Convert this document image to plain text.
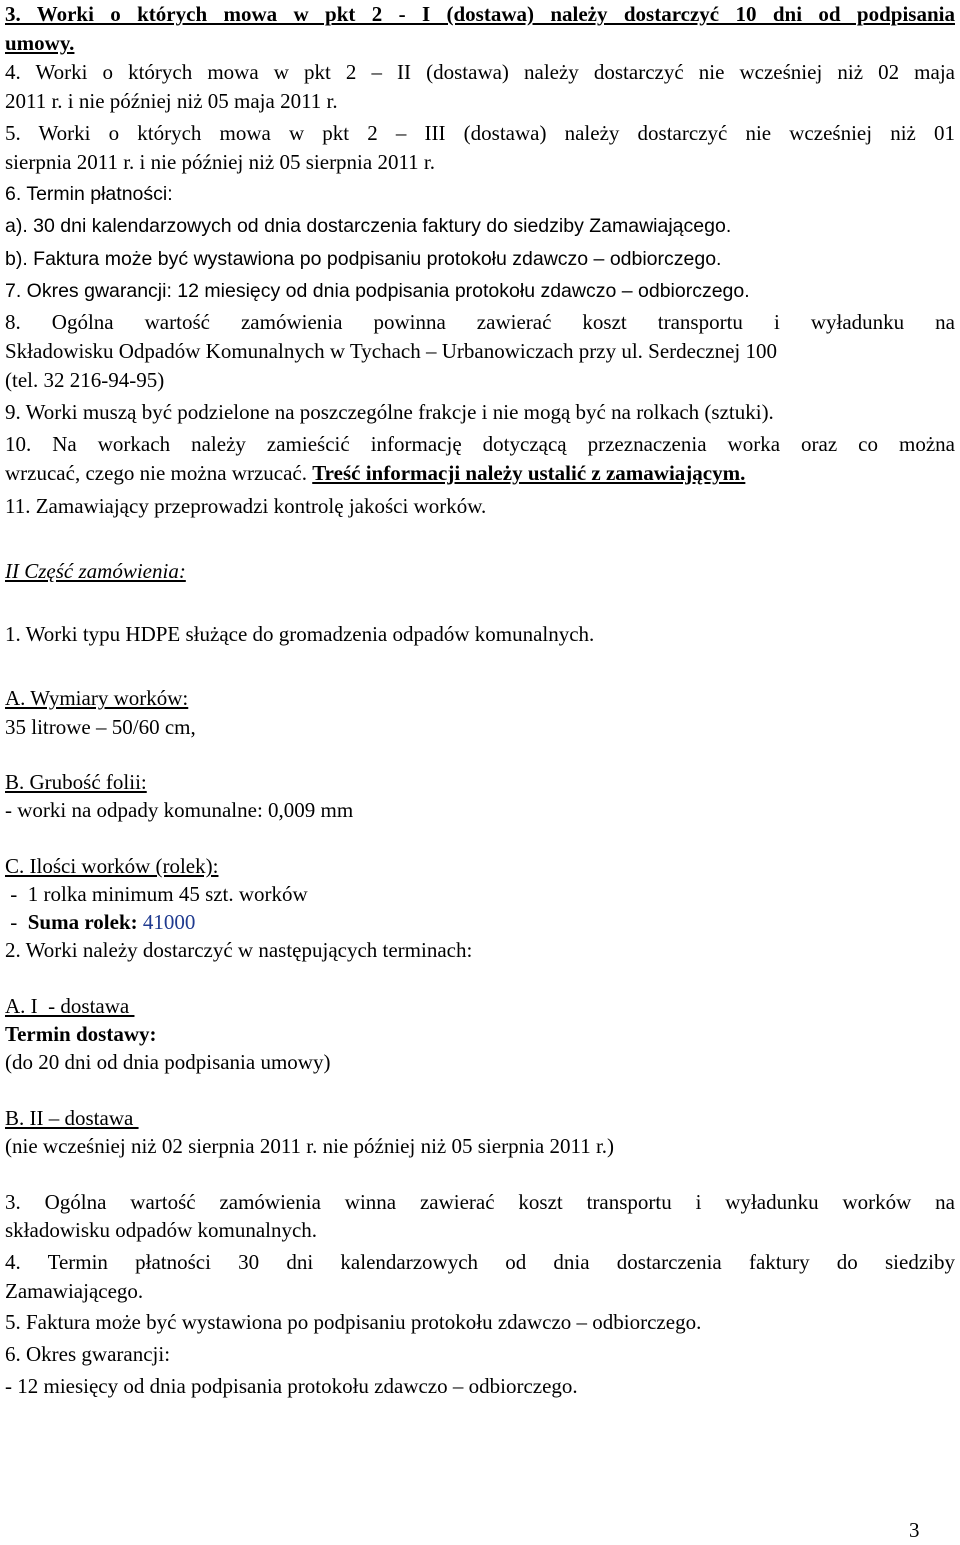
3. Worki o których mowa w pkt 2 - I (dostawa) należy dostarczyć 10 dni od podpisania
umowy.
4. Worki o których mowa w pkt 2 – II (dostawa) należy dostarczyć nie wcześniej niż 02 maja
2011 r. i nie później niż 05 maja 2011 r.
5. Worki o których mowa w pkt 2 – III (dostawa) należy dostarczyć nie wcześniej niż 01
sierpnia 2011 r. i nie później niż 05 sierpnia 2011 r.
6. Termin płatności:
a). 30 dni kalendarzowych od dnia dostarczenia faktury do siedziby Zamawiającego.
b). Faktura może być wystawiona po podpisaniu protokołu zdawczo – odbiorczego.
7. Okres gwarancji: 12 miesięcy od dnia podpisania protokołu zdawczo – odbiorczego.
8. Ogólna wartość zamówienia powinna zawierać koszt transportu i wyładunku na
Składowisku Odpadów Komunalnych w Tychach – Urbanowiczach przy ul. Serdecznej 100
(tel. 32 216-94-95)
9. Worki muszą być podzielone na poszczególne frakcje i nie mogą być na rolkach (sztuki).
10. Na workach należy zamieścić informację dotyczącą przeznaczenia worka oraz co można
wrzucać, czego nie można wrzucać. Treść informacji należy ustalić z zamawiającym.
11. Zamawiający przeprowadzi kontrolę jakości worków.
II Część zamówienia:
1. Worki typu HDPE służące do gromadzenia odpadów komunalnych.
A. Wymiary worków:
35 litrowe – 50/60 cm,
B. Grubość folii:
- worki na odpady komunalne: 0,009 mm
C. Ilości worków (rolek):
-  1 rolka minimum 45 szt. worków
-  Suma rolek: 41000
2. Worki należy dostarczyć w następujących terminach:
A. I  - dostawa
Termin dostawy:
(do 20 dni od dnia podpisania umowy)
B. II – dostawa
(nie wcześniej niż 02 sierpnia 2011 r. nie później niż 05 sierpnia 2011 r.)
3. Ogólna wartość zamówienia winna zawierać koszt transportu i wyładunku worków na
składowisku odpadów komunalnych.
4. Termin płatności 30 dni kalendarzowych od dnia dostarczenia faktury do siedziby
Zamawiającego.
5. Faktura może być wystawiona po podpisaniu protokołu zdawczo – odbiorczego.
6. Okres gwarancji:
- 12 miesięcy od dnia podpisania protokołu zdawczo – odbiorczego.
3
